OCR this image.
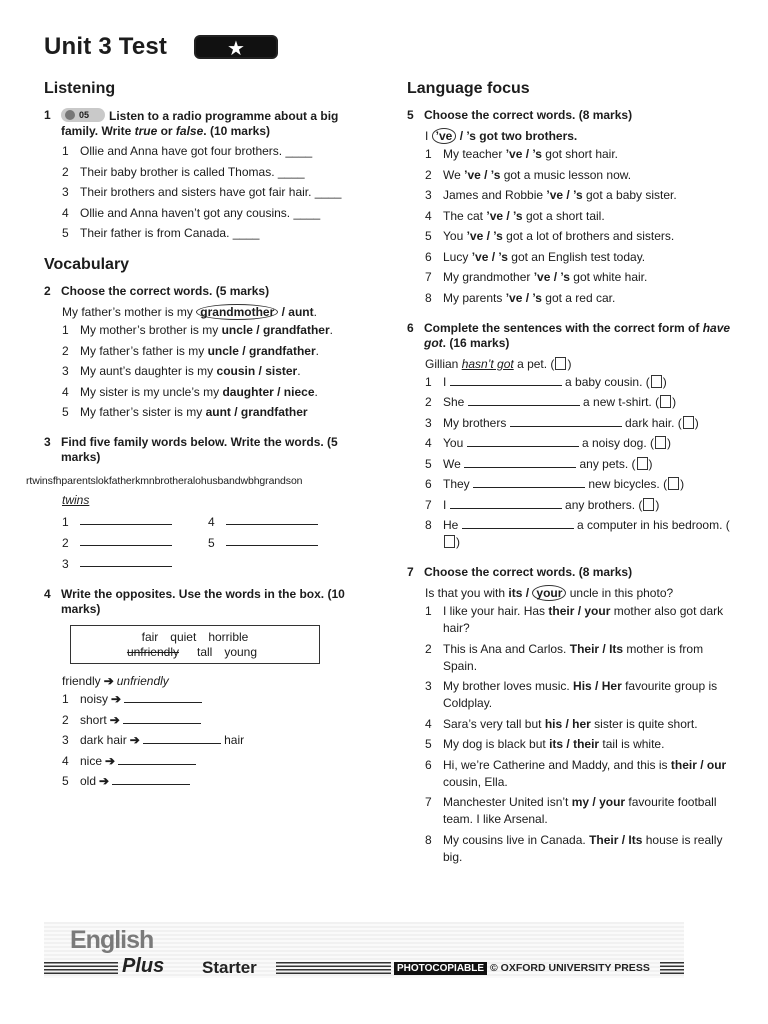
Unit 3 Test	★
Listening
1	05 Listen to a radio programme about a big family. Write true or false. (10 marks)
1 Ollie and Anna have got four brothers. ____
2 Their baby brother is called Thomas. ____
3 Their brothers and sisters have got fair hair. ____
4 Ollie and Anna haven’t got any cousins. ____
5 Their father is from Canada. ____
Vocabulary
2 Choose the correct words. (5 marks)
My father’s mother is my grandmother / aunt.
1 My mother’s brother is my uncle / grandfather.
2 My father’s father is my uncle / grandfather.
3 My aunt’s daughter is my cousin / sister.
4 My sister is my uncle’s my daughter / niece.
5 My father’s sister is my aunt / grandfather
3 Find five family words below. Write the words. (5 marks)
rtwinsfhparentslokfatherkmnbrotheralohusbandwbhgrandson
twins
1	4
2	5
3
4 Write the opposites. Use the words in the box. (10 marks)
fair quiet horrible
unfriendly tall young
friendly ➔ unfriendly
1 noisy ➔
2 short ➔
3 dark hair ➔	hair
4 nice ➔
5 old ➔
Language focus
5 Choose the correct words. (8 marks)
I ’ve / ’s got two brothers.
1 My teacher ’ve / ’s got short hair.
2 We ’ve / ’s got a music lesson now.
3 James and Robbie ’ve / ’s got a baby sister.
4 The cat ’ve / ’s got a short tail.
5 You ’ve / ’s got a lot of brothers and sisters.
6 Lucy ’ve / ’s got an English test today.
7 My grandmother ’ve / ’s got white hair.
8 My parents ’ve / ’s got a red car.
6 Complete the sentences with the correct form of have got. (16 marks)
Gillian hasn’t got a pet. ( )
1 I	a baby cousin. ( )
2 She	a new t-shirt. ( )
3 My brothers	dark hair. ( )
4 You	a noisy dog. ( )
5 We	any pets. ( )
6 They	new bicycles. ( )
7 I	any brothers. ( )
8 He	a computer in his bedroom. ()
7 Choose the correct words. (8 marks)
Is that you with its / your uncle in this photo?
1 I like your hair. Has their / your mother also got dark hair?
2 This is Ana and Carlos. Their / Its mother is from Spain.
3 My brother loves music. His / Her favourite group is Coldplay.
4 Sara’s very tall but his / her sister is quite short.
5 My dog is black but its / their tail is white.
6 Hi, we’re Catherine and Maddy, and this is their / our cousin, Ella.
7 Manchester United isn’t my / your favourite football team. I like Arsenal.
8 My cousins live in Canada. Their / Its house is really big.
English
Plus Starter	PHOTOCOPIABLE © OXFORD UNIVERSITY PRESS
